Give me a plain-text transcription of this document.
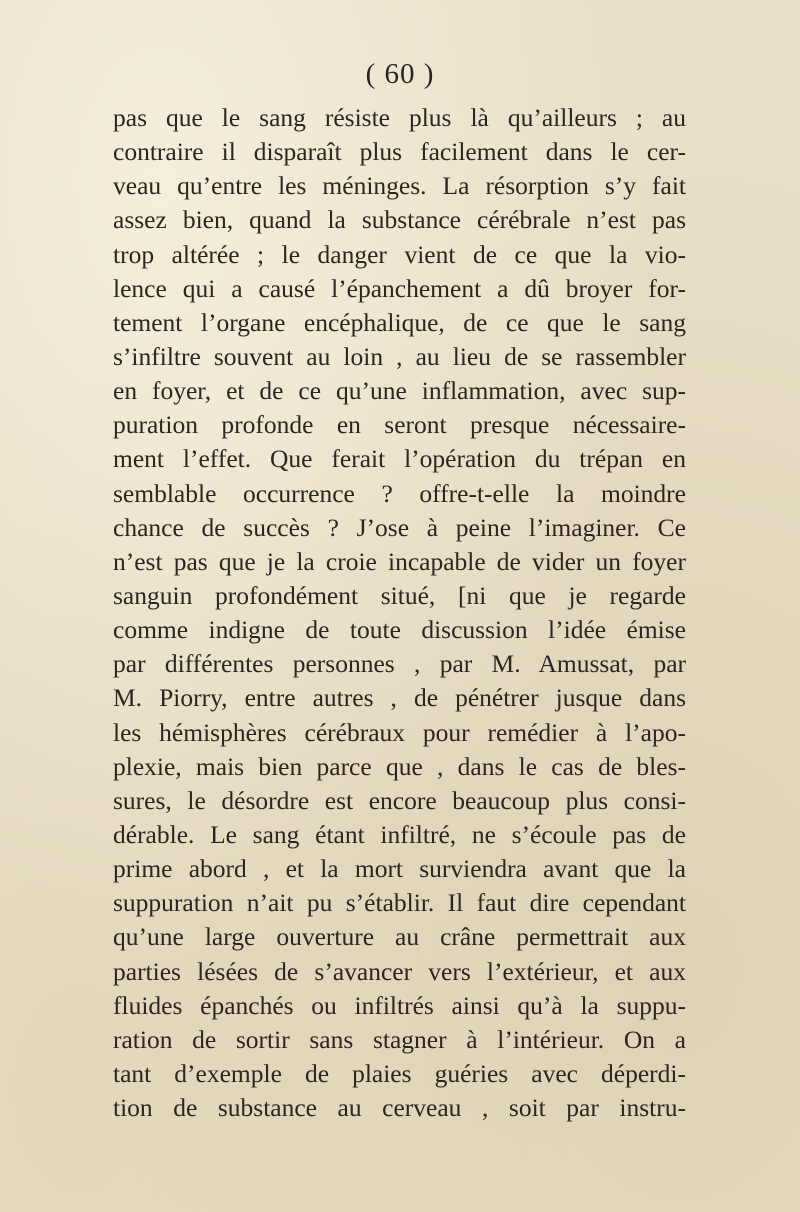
( 60 )
pas que le sang résiste plus là qu’ailleurs ; au
contraire il disparaît plus facilement dans le cer-
veau qu’entre les méninges. La résorption s’y fait
assez bien, quand la substance cérébrale n’est pas
trop altérée ; le danger vient de ce que la vio-
lence qui a causé l’épanchement a dû broyer for-
tement l’organe encéphalique, de ce que le sang
s’infiltre souvent au loin , au lieu de se rassembler
en foyer, et de ce qu’une inflammation, avec sup-
puration profonde en seront presque nécessaire-
ment l’effet. Que ferait l’opération du trépan en
semblable occurrence ? offre-t-elle la moindre
chance de succès ? J’ose à peine l’imaginer. Ce
n’est pas que je la croie incapable de vider un foyer
sanguin profondément situé, [ni que je regarde
comme indigne de toute discussion l’idée émise
par différentes personnes , par M. Amussat, par
M. Piorry, entre autres , de pénétrer jusque dans
les hémisphères cérébraux pour remédier à l’apo-
plexie, mais bien parce que , dans le cas de bles-
sures, le désordre est encore beaucoup plus consi-
dérable. Le sang étant infiltré, ne s’écoule pas de
prime abord , et la mort surviendra avant que la
suppuration n’ait pu s’établir. Il faut dire cependant
qu’une large ouverture au crâne permettrait aux
parties lésées de s’avancer vers l’extérieur, et aux
fluides épanchés ou infiltrés ainsi qu’à la suppu-
ration de sortir sans stagner à l’intérieur. On a
tant d’exemple de plaies guéries avec déperdi-
tion de substance au cerveau , soit par instru-
